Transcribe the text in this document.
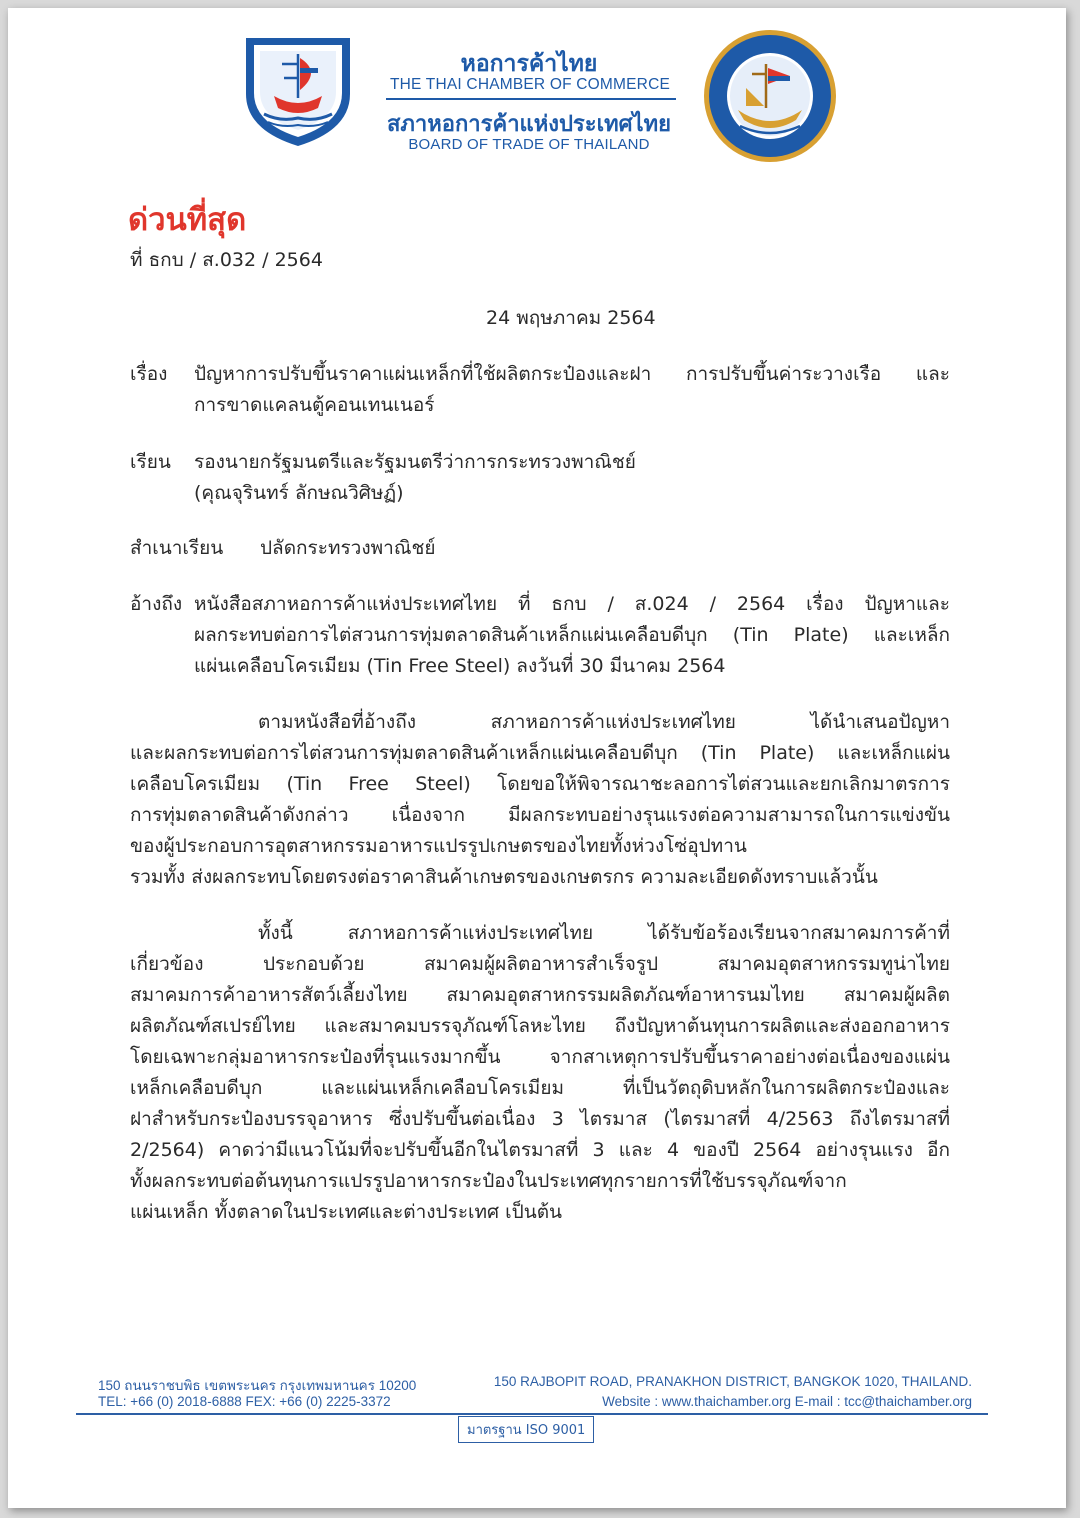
หอการค้าไทย
THE THAI CHAMBER OF COMMERCE
สภาหอการค้าแห่งประเทศไทย
BOARD OF TRADE OF THAILAND
ด่วนที่สุด
ที่ ธกบ / ส.032 / 2564
24 พฤษภาคม 2564
เรื่อง ปัญหาการปรับขึ้นราคาแผ่นเหล็กที่ใช้ผลิตกระป๋องและฝา การปรับขึ้นค่าระวางเรือ และ
การขาดแคลนตู้คอนเทนเนอร์
เรียน รองนายกรัฐมนตรีและรัฐมนตรีว่าการกระทรวงพาณิชย์
(คุณจุรินทร์ ลักษณวิศิษฏ์)
สำเนาเรียน ปลัดกระทรวงพาณิชย์
อ้างถึง หนังสือสภาหอการค้าแห่งประเทศไทย ที่ ธกบ / ส.024 / 2564 เรื่อง ปัญหาและ
ผลกระทบต่อการไต่สวนการทุ่มตลาดสินค้าเหล็กแผ่นเคลือบดีบุก (Tin Plate) และเหล็ก
แผ่นเคลือบโครเมียม (Tin Free Steel) ลงวันที่ 30 มีนาคม 2564
ตามหนังสือที่อ้างถึง สภาหอการค้าแห่งประเทศไทย ได้นำเสนอปัญหา
และผลกระทบต่อการไต่สวนการทุ่มตลาดสินค้าเหล็กแผ่นเคลือบดีบุก (Tin Plate) และเหล็กแผ่น
เคลือบโครเมียม (Tin Free Steel) โดยขอให้พิจารณาชะลอการไต่สวนและยกเลิกมาตรการ
การทุ่มตลาดสินค้าดังกล่าว เนื่องจาก มีผลกระทบอย่างรุนแรงต่อความสามารถในการแข่งขัน
ของผู้ประกอบการอุตสาหกรรมอาหารแปรรูปเกษตรของไทยทั้งห่วงโซ่อุปทาน
รวมทั้ง ส่งผลกระทบโดยตรงต่อราคาสินค้าเกษตรของเกษตรกร ความละเอียดดังทราบแล้วนั้น
ทั้งนี้ สภาหอการค้าแห่งประเทศไทย ได้รับข้อร้องเรียนจากสมาคมการค้าที่
เกี่ยวข้อง ประกอบด้วย สมาคมผู้ผลิตอาหารสำเร็จรูป สมาคมอุตสาหกรรมทูน่าไทย
สมาคมการค้าอาหารสัตว์เลี้ยงไทย สมาคมอุตสาหกรรมผลิตภัณฑ์อาหารนมไทย สมาคมผู้ผลิต
ผลิตภัณฑ์สเปรย์ไทย และสมาคมบรรจุภัณฑ์โลหะไทย ถึงปัญหาต้นทุนการผลิตและส่งออกอาหาร
โดยเฉพาะกลุ่มอาหารกระป๋องที่รุนแรงมากขึ้น จากสาเหตุการปรับขึ้นราคาอย่างต่อเนื่องของแผ่น
เหล็กเคลือบดีบุก และแผ่นเหล็กเคลือบโครเมียม ที่เป็นวัตถุดิบหลักในการผลิตกระป๋องและ
ฝาสำหรับกระป๋องบรรจุอาหาร ซึ่งปรับขึ้นต่อเนื่อง 3 ไตรมาส (ไตรมาสที่ 4/2563 ถึงไตรมาสที่
2/2564) คาดว่ามีแนวโน้มที่จะปรับขึ้นอีกในไตรมาสที่ 3 และ 4 ของปี 2564 อย่างรุนแรง อีก
ทั้งผลกระทบต่อต้นทุนการแปรรูปอาหารกระป๋องในประเทศทุกรายการที่ใช้บรรจุภัณฑ์จาก
แผ่นเหล็ก ทั้งตลาดในประเทศและต่างประเทศ เป็นต้น
150 ถนนราชบพิธ เขตพระนคร กรุงเทพมหานคร 10200
TEL: +66 (0) 2018-6888 FEX: +66 (0) 2225-3372
150 RAJBOPIT ROAD, PRANAKHON DISTRICT, BANGKOK 1020, THAILAND.
Website : www.thaichamber.org E-mail : tcc@thaichamber.org
มาตรฐาน ISO 9001
